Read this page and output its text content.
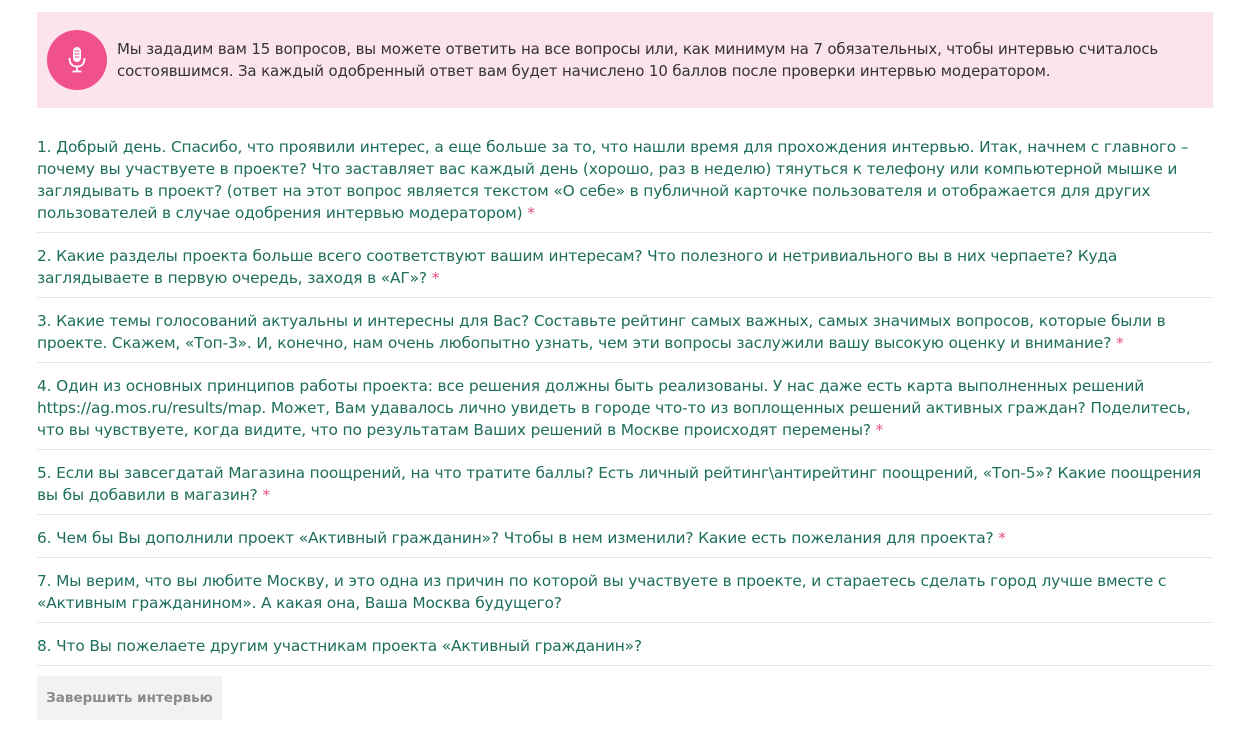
Мы зададим вам 15 вопросов, вы можете ответить на все вопросы или, как минимум на 7 обязательных, чтобы интервью считалось состоявшимся. За каждый одобренный ответ вам будет начислено 10 баллов после проверки интервью модератором.
1. Добрый день. Спасибо, что проявили интерес, а еще больше за то, что нашли время для прохождения интервью. Итак, начнем с главного – почему вы участвуете в проекте? Что заставляет вас каждый день (хорошо, раз в неделю) тянуться к телефону или компьютерной мышке и заглядывать в проект? (ответ на этот вопрос является текстом «О себе» в публичной карточке пользователя и отображается для других пользователей в случае одобрения интервью модератором) *
2. Какие разделы проекта больше всего соответствуют вашим интересам? Что полезного и нетривиального вы в них черпаете? Куда заглядываете в первую очередь, заходя в «АГ»? *
3. Какие темы голосований актуальны и интересны для Вас? Составьте рейтинг самых важных, самых значимых вопросов, которые были в проекте. Скажем, «Топ-3». И, конечно, нам очень любопытно узнать, чем эти вопросы заслужили вашу высокую оценку и внимание? *
4. Один из основных принципов работы проекта: все решения должны быть реализованы. У нас даже есть карта выполненных решений https://ag.mos.ru/results/map. Может, Вам удавалось лично увидеть в городе что-то из воплощенных решений активных граждан? Поделитесь, что вы чувствуете, когда видите, что по результатам Ваших решений в Москве происходят перемены? *
5. Если вы завсегдатай Магазина поощрений, на что тратите баллы? Есть личный рейтинг\антирейтинг поощрений, «Топ-5»? Какие поощрения вы бы добавили в магазин? *
6. Чем бы Вы дополнили проект «Активный гражданин»? Чтобы в нем изменили? Какие есть пожелания для проекта? *
7. Мы верим, что вы любите Москву, и это одна из причин по которой вы участвуете в проекте, и стараетесь сделать город лучше вместе с «Активным гражданином». А какая она, Ваша Москва будущего?
8. Что Вы пожелаете другим участникам проекта «Активный гражданин»?
Завершить интервью
